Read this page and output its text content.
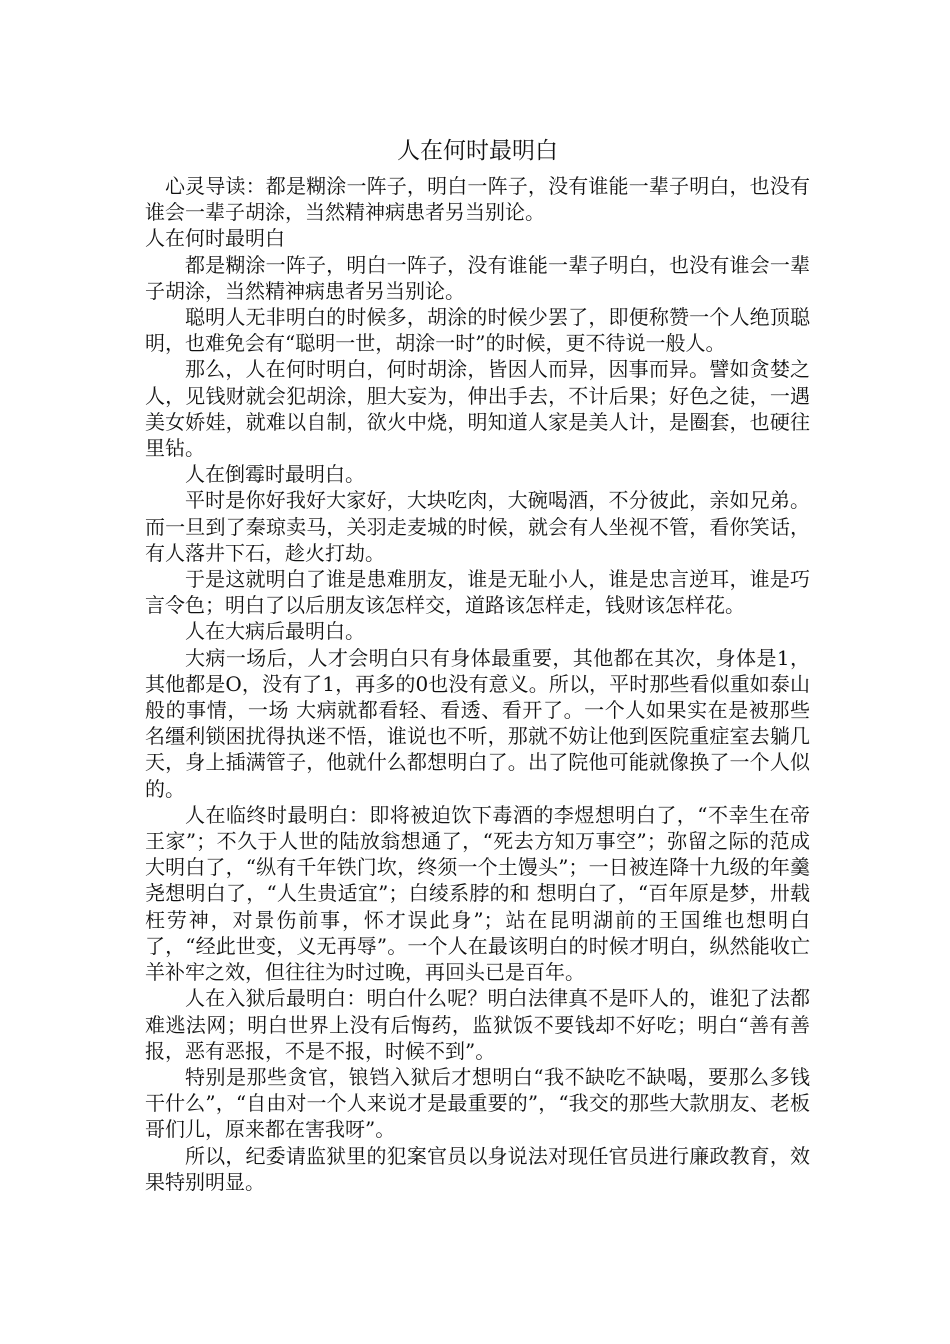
人在何时最明白

心灵导读：都是糊涂一阵子，明白一阵子，没有谁能一辈子明白，也没有谁会一辈子胡涂，当然精神病患者另当别论。

人在何时最明白

都是糊涂一阵子，明白一阵子，没有谁能一辈子明白，也没有谁会一辈子胡涂，当然精神病患者另当别论。

聪明人无非明白的时候多，胡涂的时候少罢了，即便称赞一个人绝顶聪明，也难免会有“聪明一世，胡涂一时”的时候，更不待说一般人。

那么，人在何时明白，何时胡涂，皆因人而异，因事而异。譬如贪婪之人，见钱财就会犯胡涂，胆大妄为，伸出手去，不计后果；好色之徒，一遇美女娇娃，就难以自制，欲火中烧，明知道人家是美人计，是圈套，也硬往里钻。

人在倒霉时最明白。

平时是你好我好大家好，大块吃肉，大碗喝酒，不分彼此，亲如兄弟。而一旦到了秦琼卖马，关羽走麦城的时候，就会有人坐视不管，看你笑话，有人落井下石，趁火打劫。

于是这就明白了谁是患难朋友，谁是无耻小人，谁是忠言逆耳，谁是巧言令色；明白了以后朋友该怎样交，道路该怎样走，钱财该怎样花。

人在大病后最明白。

大病一场后，人才会明白只有身体最重要，其他都在其次，身体是1，其他都是O，没有了1，再多的0也没有意义。所以，平时那些看似重如泰山般的事情，一场 大病就都看轻、看透、看开了。一个人如果实在是被那些名缰利锁困扰得执迷不悟，谁说也不听，那就不妨让他到医院重症室去躺几天，身上插满管子，他就什么都想明白了。出了院他可能就像换了一个人似的。

人在临终时最明白：即将被迫饮下毒酒的李煜想明白了，“不幸生在帝王家”；不久于人世的陆放翁想通了，“死去方知万事空”；弥留之际的范成大明白了，“纵有千年铁门坎，终须一个土馒头”；一日被连降十九级的年羹尧想明白了，“人生贵适宜”；白绫系脖的和 想明白了，“百年原是梦，卅载枉劳神，对景伤前事，怀才误此身”；站在昆明湖前的王国维也想明白了，“经此世变，义无再辱”。一个人在最该明白的时候才明白，纵然能收亡羊补牢之效，但往往为时过晚，再回头已是百年。

人在入狱后最明白：明白什么呢？明白法律真不是吓人的，谁犯了法都难逃法网；明白世界上没有后悔药，监狱饭不要钱却不好吃；明白“善有善报，恶有恶报，不是不报，时候不到”。

特别是那些贪官，锒铛入狱后才想明白“我不缺吃不缺喝，要那么多钱干什么”，“自由对一个人来说才是最重要的”，“我交的那些大款朋友、老板哥们儿，原来都在害我呀”。

所以，纪委请监狱里的犯案官员以身说法对现任官员进行廉政教育，效果特别明显。
